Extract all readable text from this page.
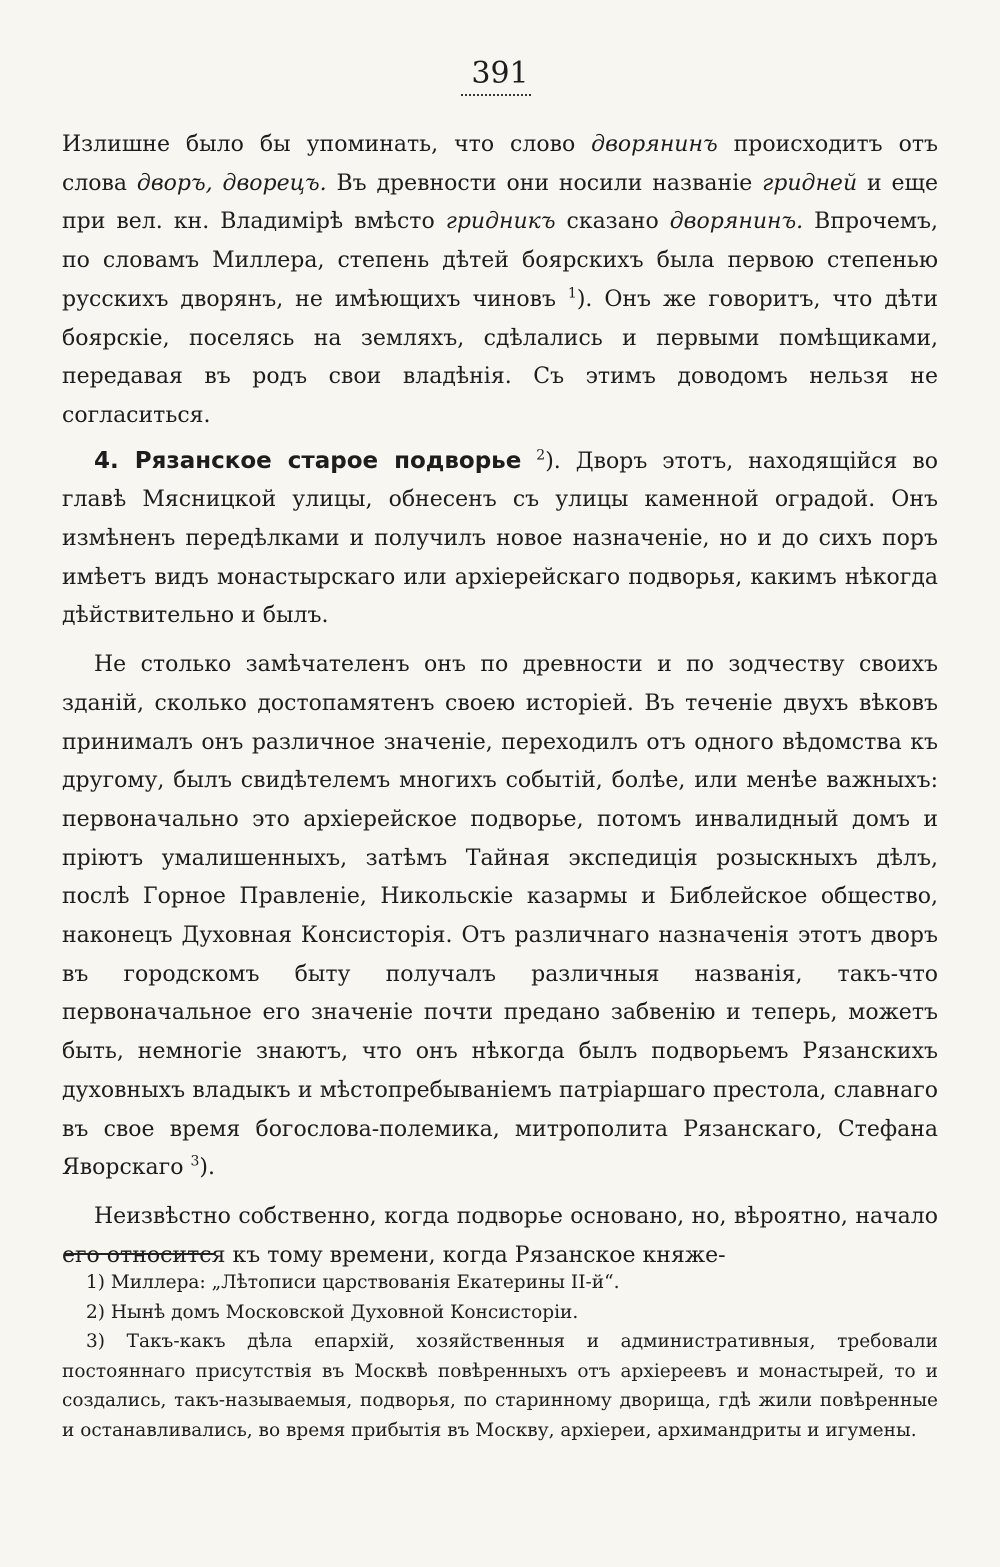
391

Излишне было бы упоминать, что слово дворянинъ происходитъ отъ слова дворъ, дворецъ. Въ древности они носили названіе гридней и еще при вел. кн. Владимірѣ вмѣсто гридникъ сказано дворянинъ. Впрочемъ, по словамъ Миллера, степень дѣтей боярскихъ была первою степенью русскихъ дворянъ, не имѣющихъ чиновъ $^1$). Онъ же говоритъ, что дѣти боярскіе, поселясь на земляхъ, сдѣлались и первыми помѣщиками, передавая въ родъ свои владѣнія. Съ этимъ доводомъ нельзя не согласиться.

4. Рязанское старое подворье $^2$). Дворъ этотъ, находящійся во главѣ Мясницкой улицы, обнесенъ съ улицы каменной оградой. Онъ измѣненъ передѣлками и получилъ новое назначеніе, но и до сихъ поръ имѣетъ видъ монастырскаго или архіерейскаго подворья, какимъ нѣкогда дѣйствительно и былъ.

Не столько замѣчателенъ онъ по древности и по зодчеству своихъ зданій, сколько достопамятенъ своею исторіей. Въ теченіе двухъ вѣковъ принималъ онъ различное значеніе, переходилъ отъ одного вѣдомства къ другому, былъ свидѣтелемъ многихъ событій, болѣе, или менѣе важныхъ: первоначально это архіерейское подворье, потомъ инвалидный домъ и пріютъ умалишенныхъ, затѣмъ Тайная экспедиція розыскныхъ дѣлъ, послѣ Горное Правленіе, Никольскіе казармы и Библейское общество, наконецъ Духовная Консисторія. Отъ различнаго назначенія этотъ дворъ въ городскомъ быту получалъ различныя названія, такъ-что первоначальное его значеніе почти предано забвенію и теперь, можетъ быть, немногіе знаютъ, что онъ нѣкогда былъ подворьемъ Рязанскихъ духовныхъ владыкъ и мѣстопребываніемъ патріаршаго престола, славнаго въ свое время богослова-полемика, митрополита Рязанскаго, Стефана Яворскаго $^3$).

Неизвѣстно собственно, когда подворье основано, но, вѣроятно, начало его относится къ тому времени, когда Рязанское княже-

1) Миллера: „Лѣтописи царствованія Екатерины II-й“.

2) Нынѣ домъ Московской Духовной Консисторіи.

3) Такъ-какъ дѣла епархій, хозяйственныя и административныя, требовали постояннаго присутствія въ Москвѣ повѣренныхъ отъ архіереевъ и монастырей, то и создались, такъ-называемыя, подворья, по старинному дворища, гдѣ жили повѣренные и останавливались, во время прибытія въ Москву, архіереи, архимандриты и игумены.
